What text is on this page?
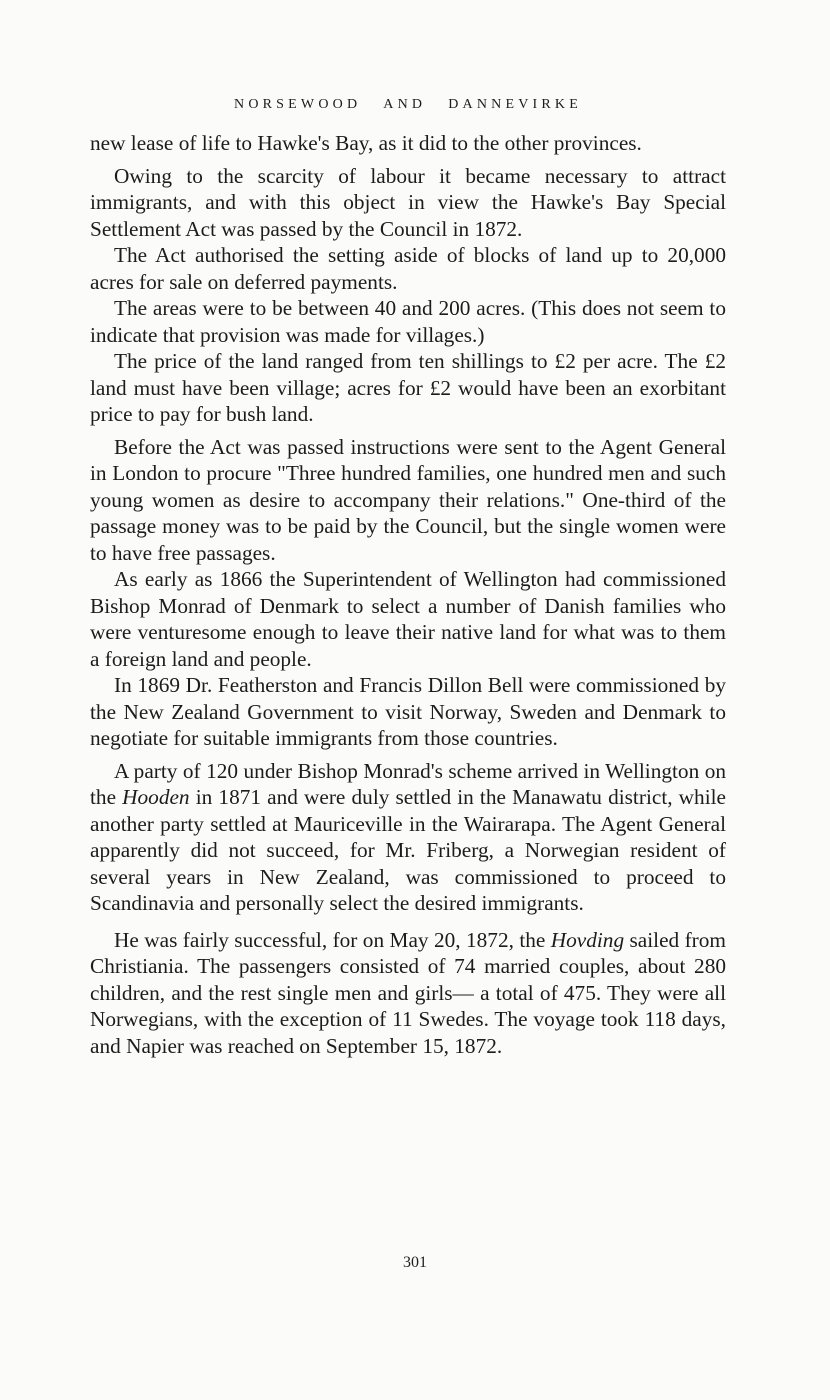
NORSEWOOD AND DANNEVIRKE

new lease of life to Hawke's Bay, as it did to the other provinces.

Owing to the scarcity of labour it became necessary to attract immigrants, and with this object in view the Hawke's Bay Special Settlement Act was passed by the Council in 1872.

The Act authorised the setting aside of blocks of land up to 20,000 acres for sale on deferred payments.

The areas were to be between 40 and 200 acres. (This does not seem to indicate that provision was made for villages.)

The price of the land ranged from ten shillings to £2 per acre. The £2 land must have been village; acres for £2 would have been an exorbitant price to pay for bush land.

Before the Act was passed instructions were sent to the Agent General in London to procure "Three hundred families, one hundred men and such young women as desire to accompany their relations." One-third of the passage money was to be paid by the Council, but the single women were to have free passages.

As early as 1866 the Superintendent of Wellington had commissioned Bishop Monrad of Denmark to select a number of Danish families who were venturesome enough to leave their native land for what was to them a foreign land and people.

In 1869 Dr. Featherston and Francis Dillon Bell were commissioned by the New Zealand Government to visit Norway, Sweden and Denmark to negotiate for suitable immigrants from those countries.

A party of 120 under Bishop Monrad's scheme arrived in Wellington on the Hooden in 1871 and were duly settled in the Manawatu district, while another party settled at Mauriceville in the Wairarapa. The Agent General apparently did not succeed, for Mr. Friberg, a Norwegian resident of several years in New Zealand, was commissioned to proceed to Scandinavia and personally select the desired immigrants.

He was fairly successful, for on May 20, 1872, the Hovding sailed from Christiania. The passengers consisted of 74 married couples, about 280 children, and the rest single men and girls— a total of 475. They were all Norwegians, with the exception of 11 Swedes. The voyage took 118 days, and Napier was reached on September 15, 1872.

301
